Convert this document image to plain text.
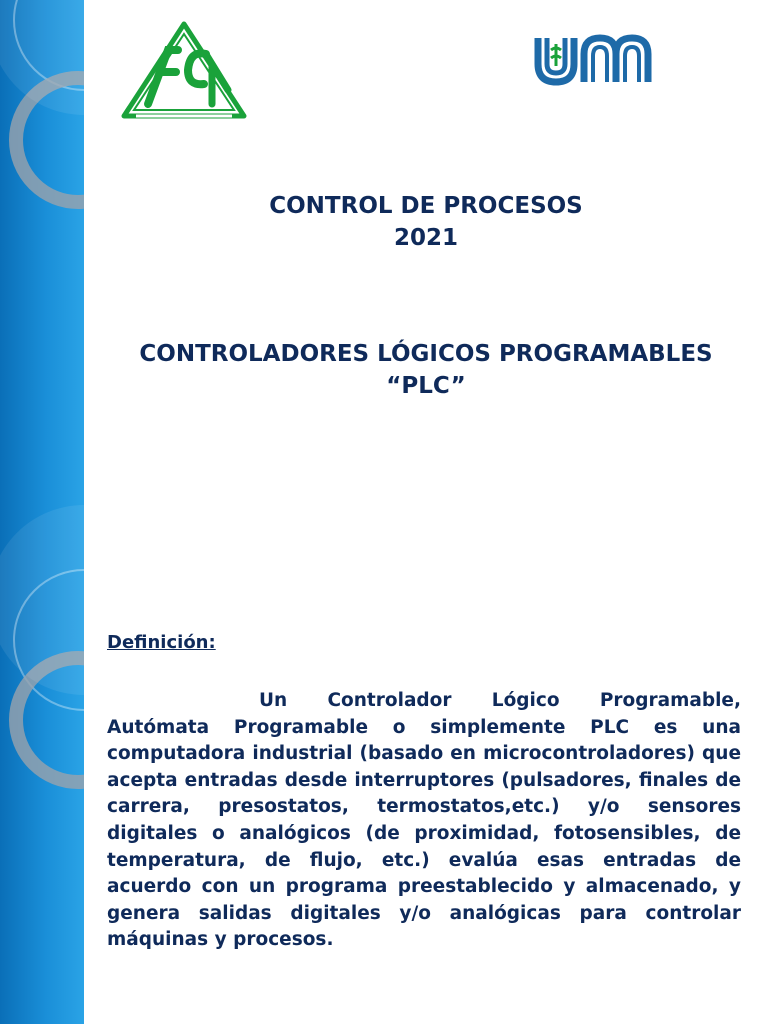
CONTROL DE PROCESOS
2021
CONTROLADORES LÓGICOS PROGRAMABLES
“PLC”
Definición:
Un Controlador Lógico Programable, Autómata Programable o simplemente PLC es una computadora industrial (basado en microcontroladores) que acepta entradas desde interruptores (pulsadores, finales de carrera, presostatos, termostatos,etc.) y/o sensores digitales o analógicos (de proximidad, fotosensibles, de temperatura, de flujo, etc.) evalúa esas entradas de acuerdo con un programa preestablecido y almacenado, y genera salidas digitales y/o analógicas para controlar máquinas y procesos.
